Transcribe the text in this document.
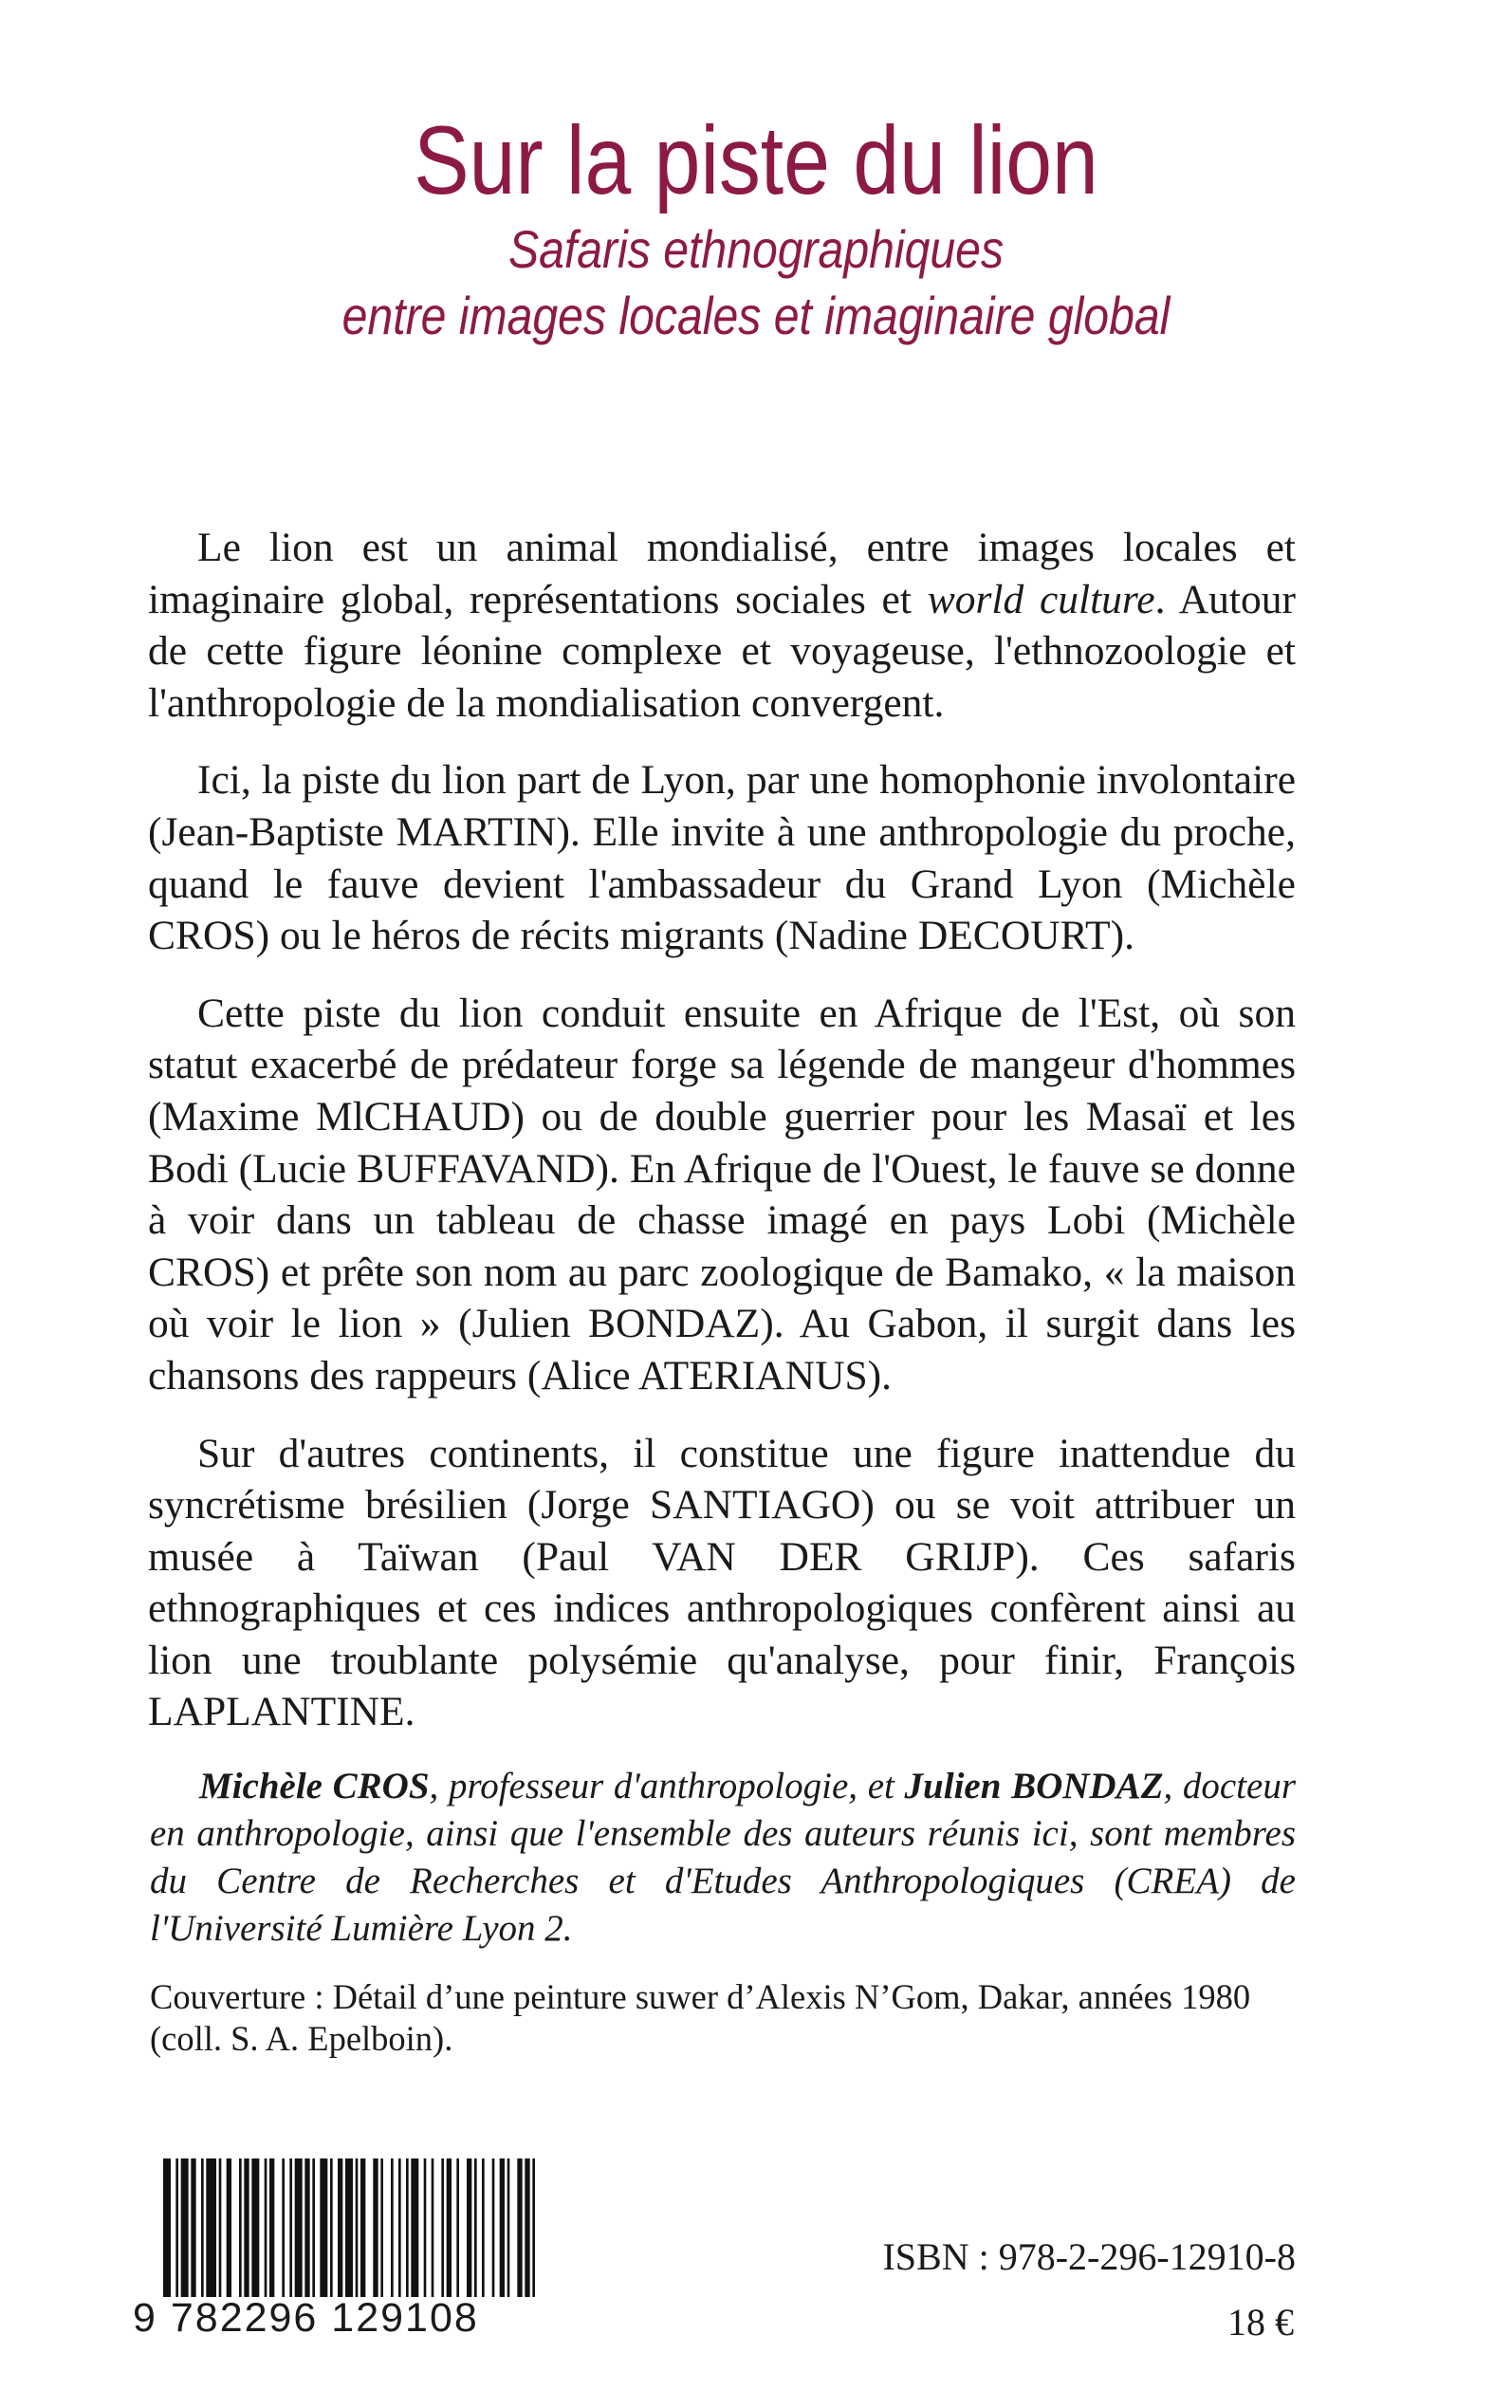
Sur la piste du lion
Safaris ethnographiques
entre images locales et imaginaire global

Le lion est un animal mondialisé, entre images locales et imaginaire global, représentations sociales et world culture. Autour de cette figure léonine complexe et voyageuse, l'ethnozoologie et l'anthropologie de la mondialisation convergent.

Ici, la piste du lion part de Lyon, par une homophonie involontaire (Jean-Baptiste MARTIN). Elle invite à une anthropologie du proche, quand le fauve devient l'ambassadeur du Grand Lyon (Michèle CROS) ou le héros de récits migrants (Nadine DECOURT).

Cette piste du lion conduit ensuite en Afrique de l'Est, où son statut exacerbé de prédateur forge sa légende de mangeur d'hommes (Maxime MlCHAUD) ou de double guerrier pour les Masaï et les Bodi (Lucie BUFFAVAND). En Afrique de l'Ouest, le fauve se donne à voir dans un tableau de chasse imagé en pays Lobi (Michèle CROS) et prête son nom au parc zoologique de Bamako, « la maison où voir le lion » (Julien BONDAZ). Au Gabon, il surgit dans les chansons des rappeurs (Alice ATERIANUS).

Sur d'autres continents, il constitue une figure inattendue du syncrétisme brésilien (Jorge SANTIAGO) ou se voit attribuer un musée à Taïwan (Paul VAN DER GRIJP). Ces safaris ethnographiques et ces indices anthropologiques confèrent ainsi au lion une troublante polysémie qu'analyse, pour finir, François LAPLANTINE.

Michèle CROS, professeur d'anthropologie, et Julien BONDAZ, docteur en anthropologie, ainsi que l'ensemble des auteurs réunis ici, sont membres du Centre de Recherches et d'Etudes Anthropologiques (CREA) de l'Université Lumière Lyon 2.

Couverture : Détail d’une peinture suwer d’Alexis N’Gom, Dakar, années 1980 (coll. S. A. Epelboin).

9 782296 129108

ISBN : 978-2-296-12910-8

18 €
